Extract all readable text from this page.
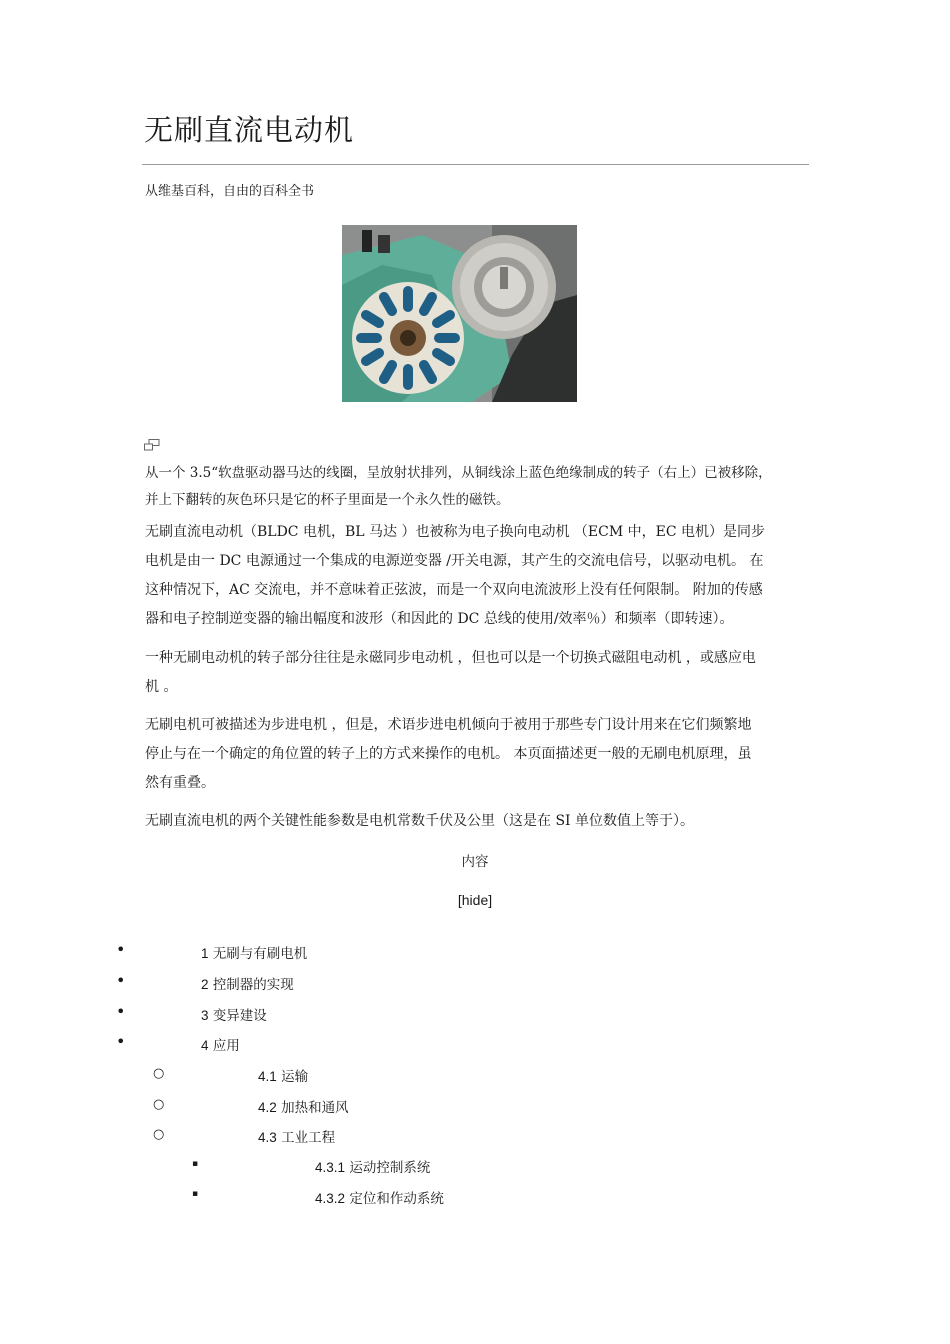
无刷直流电动机
从维基百科，自由的百科全书
从一个 3.5“软盘驱动器马达的线圈，呈放射状排列，从铜线涂上蓝色绝缘制成的转子（右上）已被移除，
并上下翻转的灰色环只是它的杯子里面是一个永久性的磁铁。
无刷直流电动机（BLDC 电机，BL 马达 ）也被称为电子换向电动机 （ECM 中，EC 电机）是同步
电机是由一 DC 电源通过一个集成的电源逆变器 /开关电源，其产生的交流电信号，以驱动电机。 在
这种情况下，AC 交流电，并不意味着正弦波，而是一个双向电流波形上没有任何限制。 附加的传感
器和电子控制逆变器的输出幅度和波形（和因此的 DC 总线的使用/效率％）和频率（即转速）。
一种无刷电动机的转子部分往往是永磁同步电动机 ，但也可以是一个切换式磁阻电动机 ，或感应电
机 。
无刷电机可被描述为步进电机 ，但是，术语步进电机倾向于被用于那些专门设计用来在它们频繁地
停止与在一个确定的角位置的转子上的方式来操作的电机。 本页面描述更一般的无刷电机原理，虽
然有重叠。
无刷直流电机的两个关键性能参数是电机常数千伏及公里（这是在 SI 单位数值上等于）。
内容
[hide]
•	1 无刷与有刷电机
•	2 控制器的实现
•	3 变异建设
•	4 应用
○	4.1 运输
○	4.2 加热和通风
○	4.3 工业工程
▪	4.3.1 运动控制系统
▪	4.3.2 定位和作动系统
